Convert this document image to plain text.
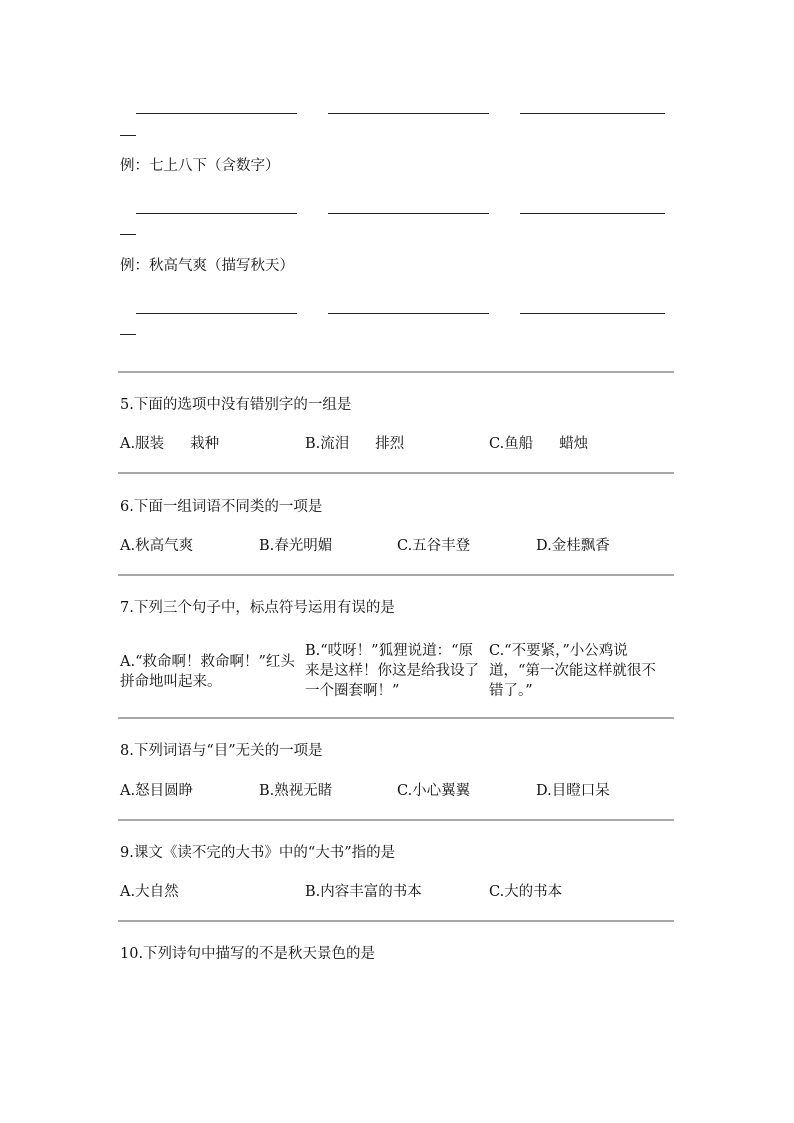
例：七上八下（含数字）
例：秋高气爽（描写秋天）
5.下面的选项中没有错别字的一组是
A.服装 栽种	B.流泪 排烈	C.鱼船 蜡烛
6.下面一组词语不同类的一项是
A.秋高气爽	B.春光明媚	C.五谷丰登	D.金桂飘香
7.下列三个句子中，标点符号运用有误的是
A.“救命啊！救命啊！”红头拼命地叫起来。
B.“哎呀！”狐狸说道：“原来是这样！你这是给我设了一个圈套啊！”
C.“不要紧，”小公鸡说道，“第一次能这样就很不错了。”
8.下列词语与“目”无关的一项是
A.怒目圆睁	B.熟视无睹	C.小心翼翼	D.目瞪口呆
9.课文《读不完的大书》中的“大书”指的是
A.大自然	B.内容丰富的书本	C.大的书本
10.下列诗句中描写的不是秋天景色的是
